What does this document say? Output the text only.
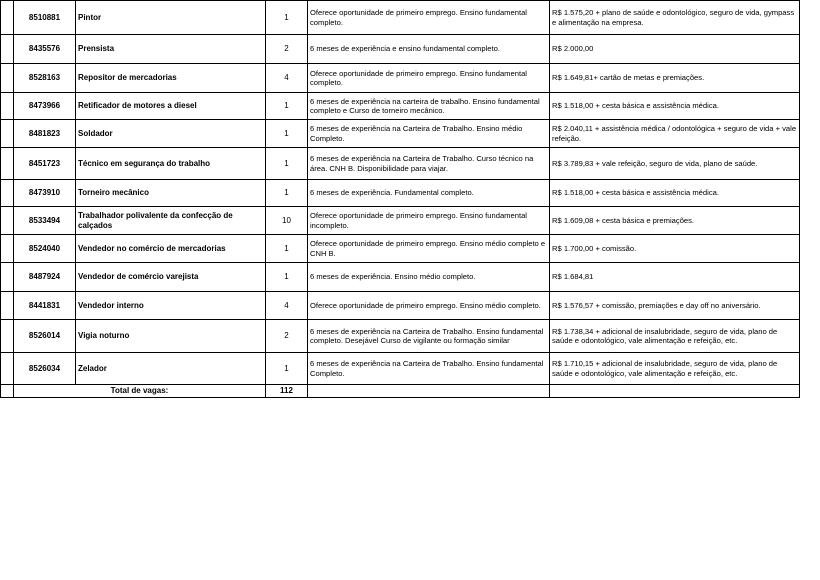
	8510881	Pintor	1	Oferece oportunidade de primeiro emprego. Ensino fundamental completo.	R$ 1.575,20 + plano de saúde e odontológico, seguro de vida, gympass e alimentação na empresa.
	8435576	Prensista	2	6 meses de experiência e ensino fundamental completo.	R$ 2.000,00
	8528163	Repositor de mercadorias	4	Oferece oportunidade de primeiro emprego. Ensino fundamental completo.	R$ 1.649,81+ cartão de metas e premiações.
	8473966	Retificador de motores a diesel	1	6 meses de experiência na carteira de trabalho. Ensino fundamental completo e Curso de torneiro mecânico.	R$ 1.518,00 + cesta básica e assistência médica.
	8481823	Soldador	1	6 meses de experiência na Carteira de Trabalho. Ensino médio Completo.	R$ 2.040,11 + assistência médica / odontológica + seguro de vida + vale refeição.
	8451723	Técnico em segurança do trabalho	1	6 meses de experiência na Carteira de Trabalho. Curso técnico na área. CNH B. Disponibilidade para viajar.	R$ 3.789,83 + vale refeição, seguro de vida, plano de saúde.
	8473910	Torneiro mecânico	1	6 meses de experiência. Fundamental completo.	R$ 1.518,00 + cesta básica e assistência médica.
	8533494	Trabalhador polivalente da confecção de calçados	10	Oferece oportunidade de primeiro emprego. Ensino fundamental incompleto.	R$ 1.609,08 + cesta básica e premiações.
	8524040	Vendedor no comércio de mercadorias	1	Oferece oportunidade de primeiro emprego. Ensino médio completo e CNH B.	R$ 1.700,00 + comissão.
	8487924	Vendedor de comércio varejista	1	6 meses de experiência. Ensino médio completo.	R$ 1.684,81
	8441831	Vendedor interno	4	Oferece oportunidade de primeiro emprego. Ensino médio completo.	R$ 1.576,57 + comissão, premiações e day off no aniversário.
	8526014	Vigia noturno	2	6 meses de experiência na Carteira de Trabalho. Ensino fundamental completo. Desejável Curso de vigilante ou formação similar	R$ 1.738,34 + adicional de insalubridade, seguro de vida, plano de saúde e odontológico, vale alimentação e refeição, etc.
	8526034	Zelador	1	6 meses de experiência na Carteira de Trabalho. Ensino fundamental Completo.	R$ 1.710,15 + adicional de insalubridade, seguro de vida, plano de saúde e odontológico, vale alimentação e refeição, etc.
	Total de vagas:		112		
